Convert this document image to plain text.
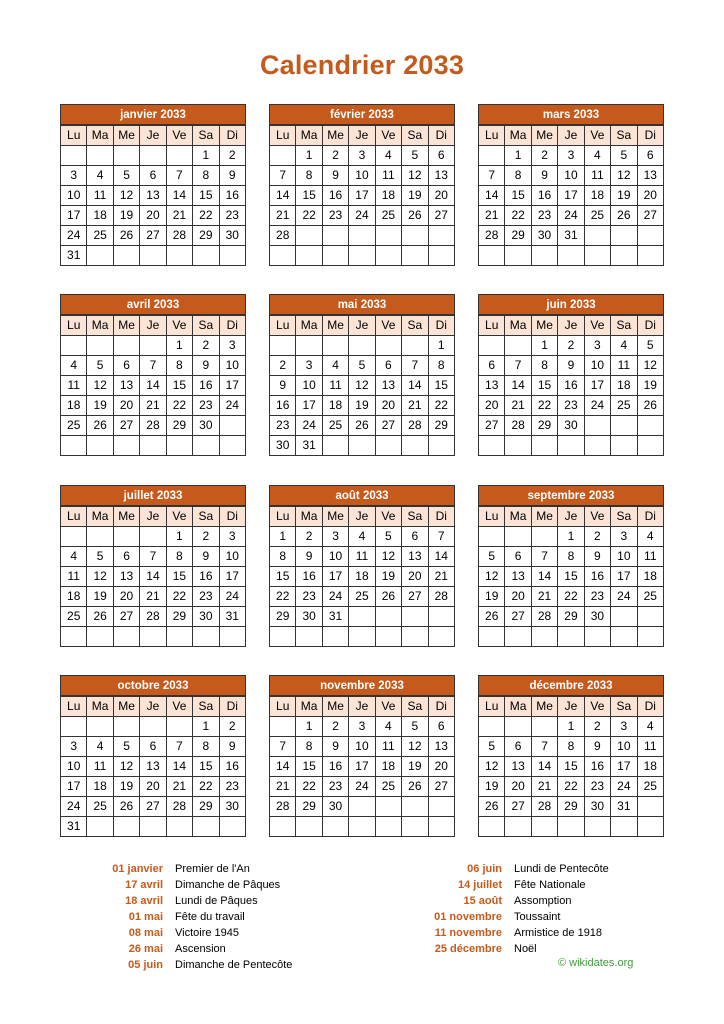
Calendrier 2033
janvier 2033
Lu	Ma	Me	Je	Ve	Sa	Di
					1	2
3	4	5	6	7	8	9
10	11	12	13	14	15	16
17	18	19	20	21	22	23
24	25	26	27	28	29	30
31						
février 2033
Lu	Ma	Me	Je	Ve	Sa	Di
	1	2	3	4	5	6
7	8	9	10	11	12	13
14	15	16	17	18	19	20
21	22	23	24	25	26	27
28						

mars 2033
Lu	Ma	Me	Je	Ve	Sa	Di
	1	2	3	4	5	6
7	8	9	10	11	12	13
14	15	16	17	18	19	20
21	22	23	24	25	26	27
28	29	30	31			

avril 2033
Lu	Ma	Me	Je	Ve	Sa	Di
				1	2	3
4	5	6	7	8	9	10
11	12	13	14	15	16	17
18	19	20	21	22	23	24
25	26	27	28	29	30	

mai 2033
Lu	Ma	Me	Je	Ve	Sa	Di
						1
2	3	4	5	6	7	8
9	10	11	12	13	14	15
16	17	18	19	20	21	22
23	24	25	26	27	28	29
30	31					
juin 2033
Lu	Ma	Me	Je	Ve	Sa	Di
		1	2	3	4	5
6	7	8	9	10	11	12
13	14	15	16	17	18	19
20	21	22	23	24	25	26
27	28	29	30			

juillet 2033
Lu	Ma	Me	Je	Ve	Sa	Di
				1	2	3
4	5	6	7	8	9	10
11	12	13	14	15	16	17
18	19	20	21	22	23	24
25	26	27	28	29	30	31

août 2033
Lu	Ma	Me	Je	Ve	Sa	Di
1	2	3	4	5	6	7
8	9	10	11	12	13	14
15	16	17	18	19	20	21
22	23	24	25	26	27	28
29	30	31				

septembre 2033
Lu	Ma	Me	Je	Ve	Sa	Di
			1	2	3	4
5	6	7	8	9	10	11
12	13	14	15	16	17	18
19	20	21	22	23	24	25
26	27	28	29	30		

octobre 2033
Lu	Ma	Me	Je	Ve	Sa	Di
					1	2
3	4	5	6	7	8	9
10	11	12	13	14	15	16
17	18	19	20	21	22	23
24	25	26	27	28	29	30
31						
novembre 2033
Lu	Ma	Me	Je	Ve	Sa	Di
	1	2	3	4	5	6
7	8	9	10	11	12	13
14	15	16	17	18	19	20
21	22	23	24	25	26	27
28	29	30				

décembre 2033
Lu	Ma	Me	Je	Ve	Sa	Di
			1	2	3	4
5	6	7	8	9	10	11
12	13	14	15	16	17	18
19	20	21	22	23	24	25
26	27	28	29	30	31	

01 janvier Premier de l'An
17 avril Dimanche de Pâques
18 avril Lundi de Pâques
01 mai Fête du travail
08 mai Victoire 1945
26 mai Ascension
05 juin Dimanche de Pentecôte
06 juin Lundi de Pentecôte
14 juillet Fête Nationale
15 août Assomption
01 novembre Toussaint
11 novembre Armistice de 1918
25 décembre Noël
© wikidates.org
